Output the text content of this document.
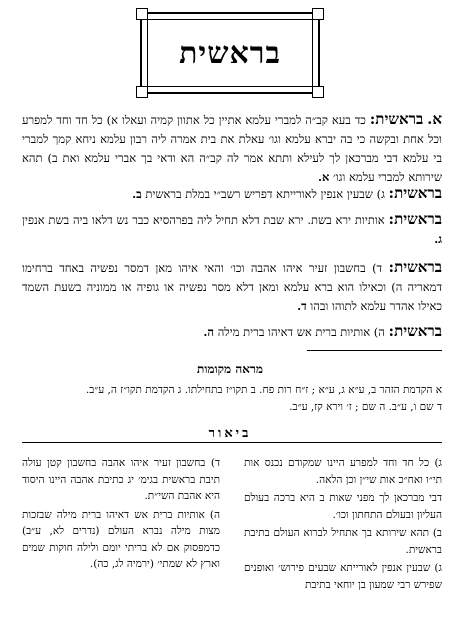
בראשית
א. בראשית: כד בעא קב״ה למברי עלמא אתיין כל אתוון קמיה ועאלו א) כל חד וחד למפרע וכל אחת ובקשה כי בה יברא עלמא וגו׳ עאלת את בית אמרה ליה רבון עלמא ניחא קמך למברי בי עלמא דבי מברכאן לך לעילא ותתא אמר לה קב״ה הא ודאי בך אברי עלמא ואת ב) תהא שירותא למברי עלמא וגו׳ א.
בראשית: ג) שבעין אנפין לאורייתא דפריש רשב״י במלת בראשית ב.
בראשית: אותיות ירא בשת. ירא שבת דלא תחיל ליה בפרהסיא כבר נש דלאו ביה בשת אנפין ג.
בראשית: ד) בחשבון זעיר איהו אהבה וכו׳ והאי איהו מאן דמסר נפשיה באחד ברחימו דמאריה ה) וכאילו הוא ברא עלמא ומאן דלא מסר נפשיה או גופיה או ממוניה בשעת השמד כאילו אהדר עלמא לתוהו ובהו ד.
בראשית: ה) אותיות ברית אש דאיהו ברית מילה ה.
מראה מקומות
א הקדמת הזהר ב, ע״א ג, ע״א ; ז״ח רות פח. ב תקו״ז בתחילתו. ג הקדמת תקו״ז ה, ע״ב.
ד שם ו, ע״ב. ה שם ; ז׳ וירא קז, ע״ב.
ביאור

ג) כל חד וחד למפרע היינו שמקודם נכנס אות תי״ו ואח״כ אות שי״ן וכן הלאה.

דבי מברכאן לך מפני שאות ב היא ברכה בעולם העליון ובעולם התחתון וכו׳.

ב) תהא שירותא בך אתחיל לברוא העולם בתיבת בראשית.

ג) שבעין אנפין לאורייתא שבעים פירוש׳ ואופנים שפירש רבי שמעון בן יוחאי בתיבת

ד) בחשבון זעיר איהו אהבה בחשבון קטן עולה תיבת בראשית בגימ׳ יג כתיבת אהבה היינו היסוד היא אהבת השי״ת.

ה) אותיות ברית אש דאיהו ברית מילה שבזכות מצות מילה נברא העולם (נדרים לא, ע״ב) כדמפסוק אם לא בריתי יומם ולילה חוקות שמים וארץ לא שמתי׳ (ירמיה לג, כה).
